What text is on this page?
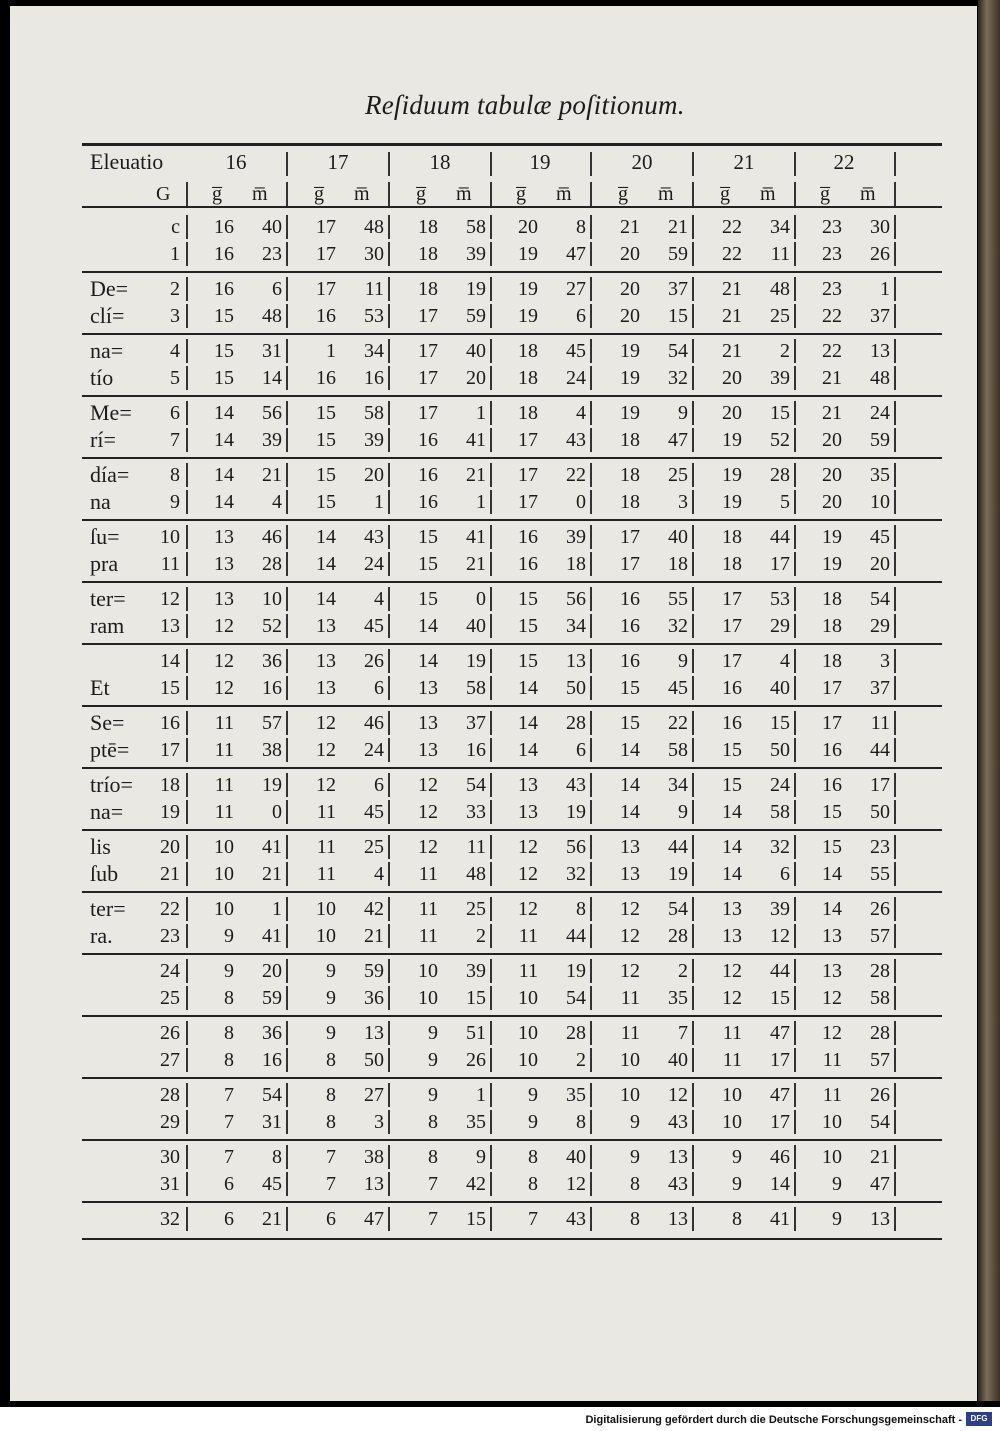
Reſiduum tabulæ poſitionum.
Eleuatio	16	17	18	19	20	21	22
G g̅ m̅ g̅ m̅ g̅ m̅ g̅ m̅ g̅ m̅ g̅ m̅ g̅ m̅
c	16	40	17	48	18	58	20	8	21	21	22	34	23	30
1	16	23	17	30	18	39	19	47	20	59	22	11	23	26
De=	2	16	6	17	11	18	19	19	27	20	37	21	48	23	1
clí=	3	15	48	16	53	17	59	19	6	20	15	21	25	22	37
na=	4	15	31	1	34	17	40	18	45	19	54	21	2	22	13
tío	5	15	14	16	16	17	20	18	24	19	32	20	39	21	48
Me=	6	14	56	15	58	17	1	18	4	19	9	20	15	21	24
rí=	7	14	39	15	39	16	41	17	43	18	47	19	52	20	59
día=	8	14	21	15	20	16	21	17	22	18	25	19	28	20	35
na	9	14	4	15	1	16	1	17	0	18	3	19	5	20	10
ſu=	10	13	46	14	43	15	41	16	39	17	40	18	44	19	45
pra	11	13	28	14	24	15	21	16	18	17	18	18	17	19	20
ter=	12	13	10	14	4	15	0	15	56	16	55	17	53	18	54
ram	13	12	52	13	45	14	40	15	34	16	32	17	29	18	29
14	12	36	13	26	14	19	15	13	16	9	17	4	18	3
Et	15	12	16	13	6	13	58	14	50	15	45	16	40	17	37
Se=	16	11	57	12	46	13	37	14	28	15	22	16	15	17	11
ptē=	17	11	38	12	24	13	16	14	6	14	58	15	50	16	44
trío=	18	11	19	12	6	12	54	13	43	14	34	15	24	16	17
na=	19	11	0	11	45	12	33	13	19	14	9	14	58	15	50
lis	20	10	41	11	25	12	11	12	56	13	44	14	32	15	23
ſub	21	10	21	11	4	11	48	12	32	13	19	14	6	14	55
ter=	22	10	1	10	42	11	25	12	8	12	54	13	39	14	26
ra.	23	9	41	10	21	11	2	11	44	12	28	13	12	13	57
24	9	20	9	59	10	39	11	19	12	2	12	44	13	28
25	8	59	9	36	10	15	10	54	11	35	12	15	12	58
26	8	36	9	13	9	51	10	28	11	7	11	47	12	28
27	8	16	8	50	9	26	10	2	10	40	11	17	11	57
28	7	54	8	27	9	1	9	35	10	12	10	47	11	26
29	7	31	8	3	8	35	9	8	9	43	10	17	10	54
30	7	8	7	38	8	9	8	40	9	13	9	46	10	21
31	6	45	7	13	7	42	8	12	8	43	9	14	9	47
32	6	21	6	47	7	15	7	43	8	13	8	41	9	13
Digitalisierung gefördert durch die Deutsche Forschungsgemeinschaft -	DFG
